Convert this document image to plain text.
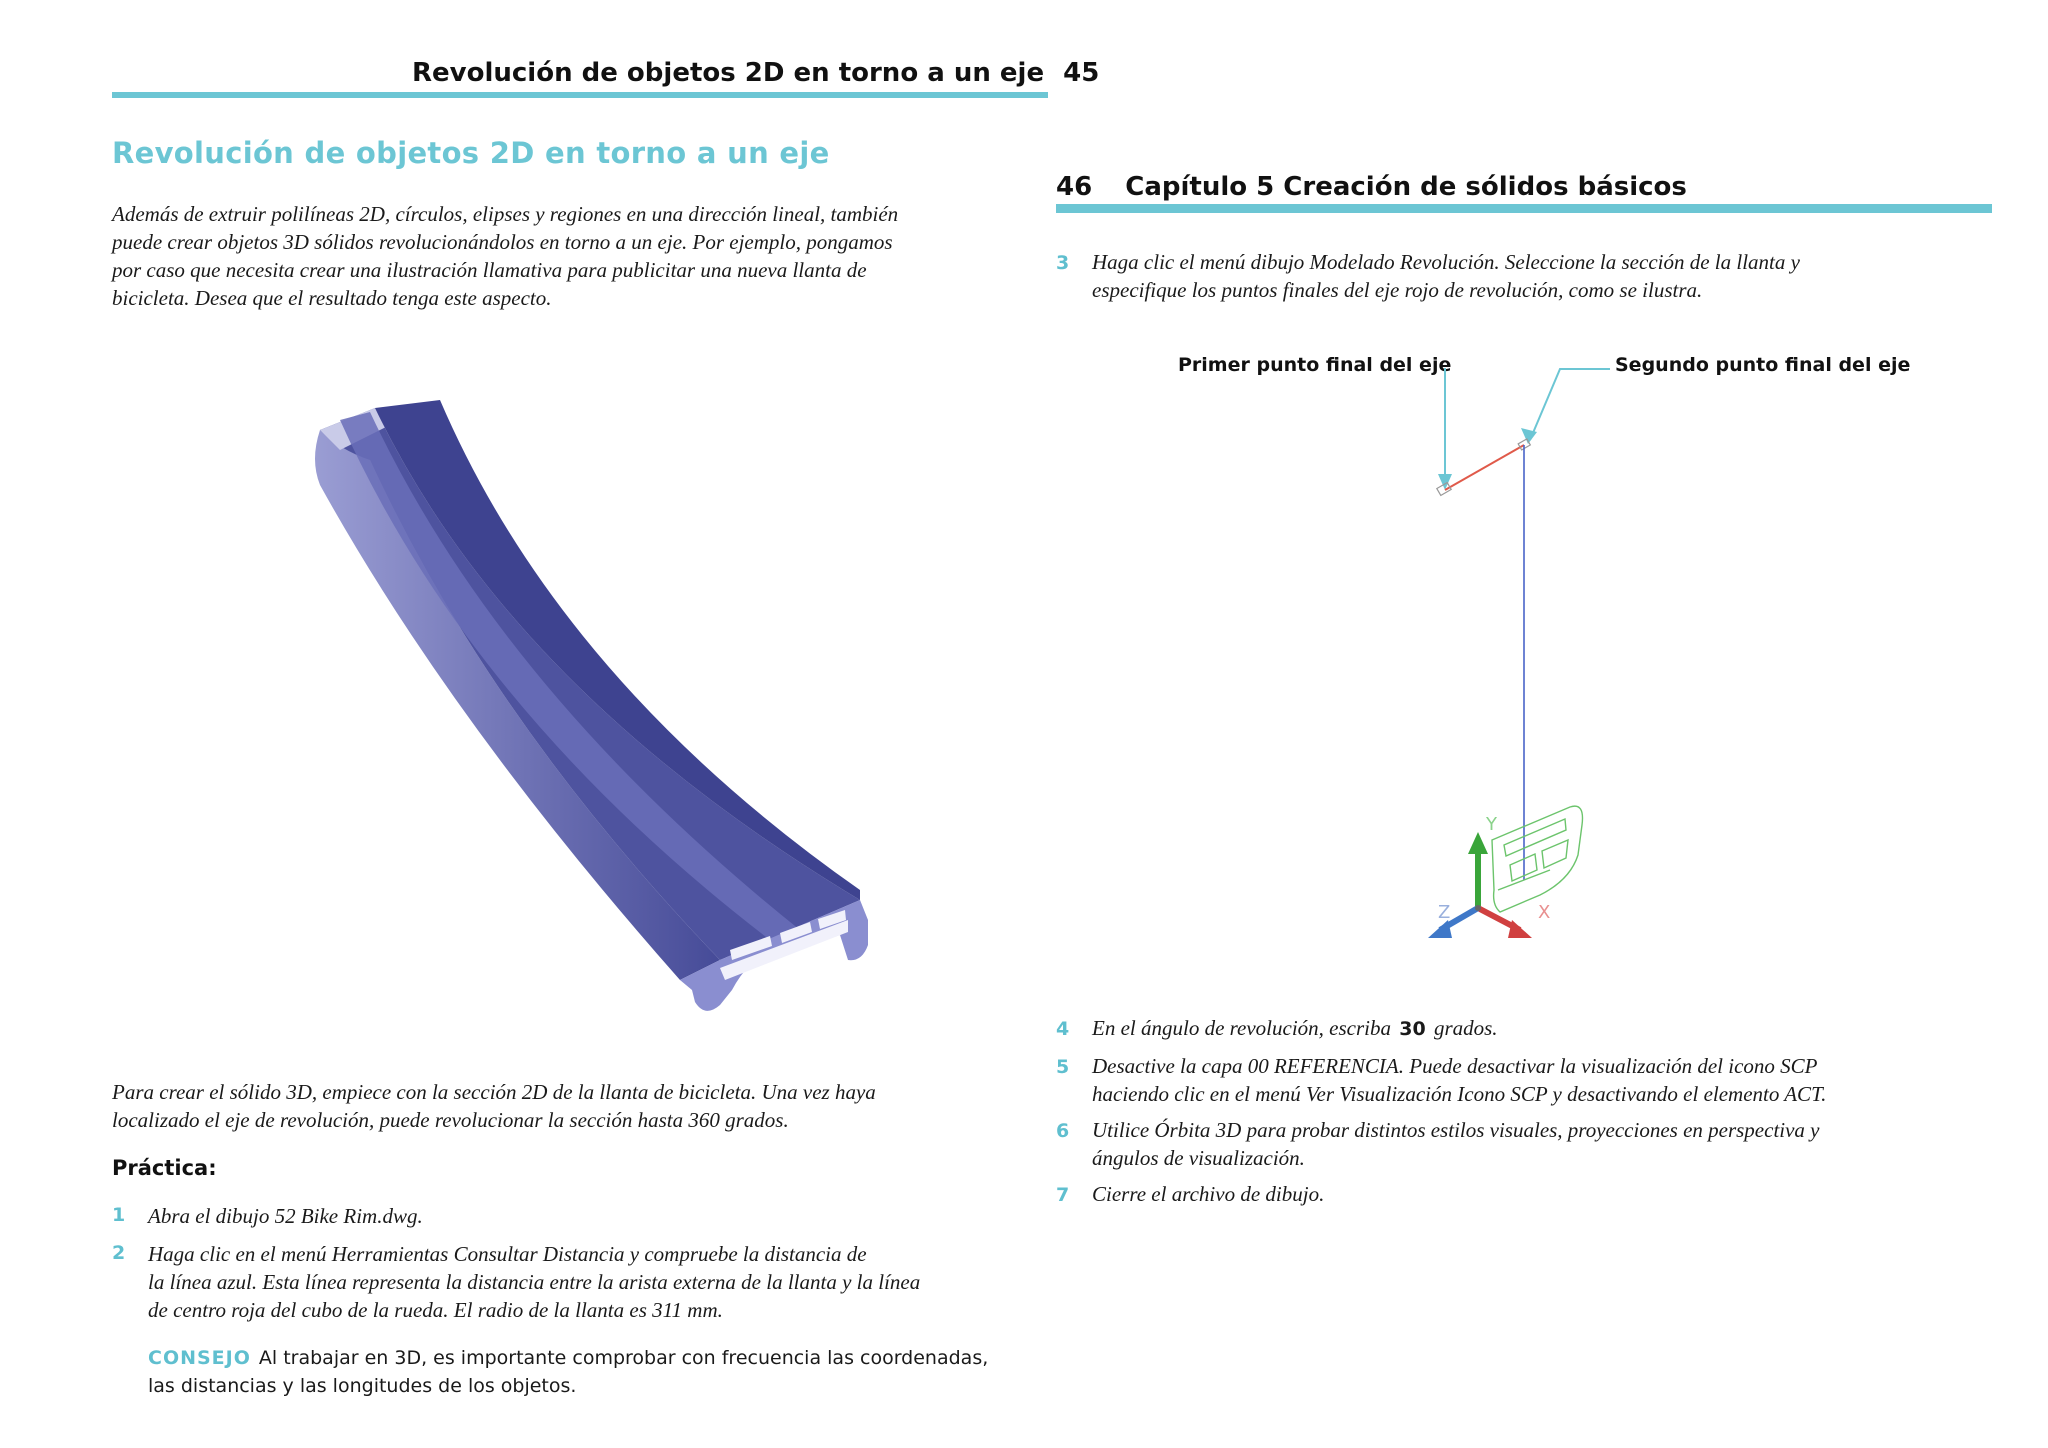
Revolución de objetos 2D en torno a un eje 45
Revolución de objetos 2D en torno a un eje
Además de extruir polilíneas 2D, círculos, elipses y regiones en una dirección lineal, también
puede crear objetos 3D sólidos revolucionándolos en torno a un eje. Por ejemplo, pongamos
por caso que necesita crear una ilustración llamativa para publicitar una nueva llanta de
bicicleta. Desea que el resultado tenga este aspecto.
Para crear el sólido 3D, empiece con la sección 2D de la llanta de bicicleta. Una vez haya
localizado el eje de revolución, puede revolucionar la sección hasta 360 grados.
Práctica:
1 Abra el dibujo 52 Bike Rim.dwg.
2 Haga clic en el menú Herramientas Consultar Distancia y compruebe la distancia de
la línea azul. Esta línea representa la distancia entre la arista externa de la llanta y la línea
de centro roja del cubo de la rueda. El radio de la llanta es 311 mm.
CONSEJO Al trabajar en 3D, es importante comprobar con frecuencia las coordenadas,
las distancias y las longitudes de los objetos.
46 Capítulo 5 Creación de sólidos básicos
3 Haga clic el menú dibujo Modelado Revolución. Seleccione la sección de la llanta y
especifique los puntos finales del eje rojo de revolución, como se ilustra.
Primer punto final del eje	Segundo punto final del eje
Y
X
Z
4 En el ángulo de revolución, escriba 30 grados.
5 Desactive la capa 00 REFERENCIA. Puede desactivar la visualización del icono SCP
haciendo clic en el menú Ver Visualización Icono SCP y desactivando el elemento ACT.
6 Utilice Órbita 3D para probar distintos estilos visuales, proyecciones en perspectiva y
ángulos de visualización.
7 Cierre el archivo de dibujo.
